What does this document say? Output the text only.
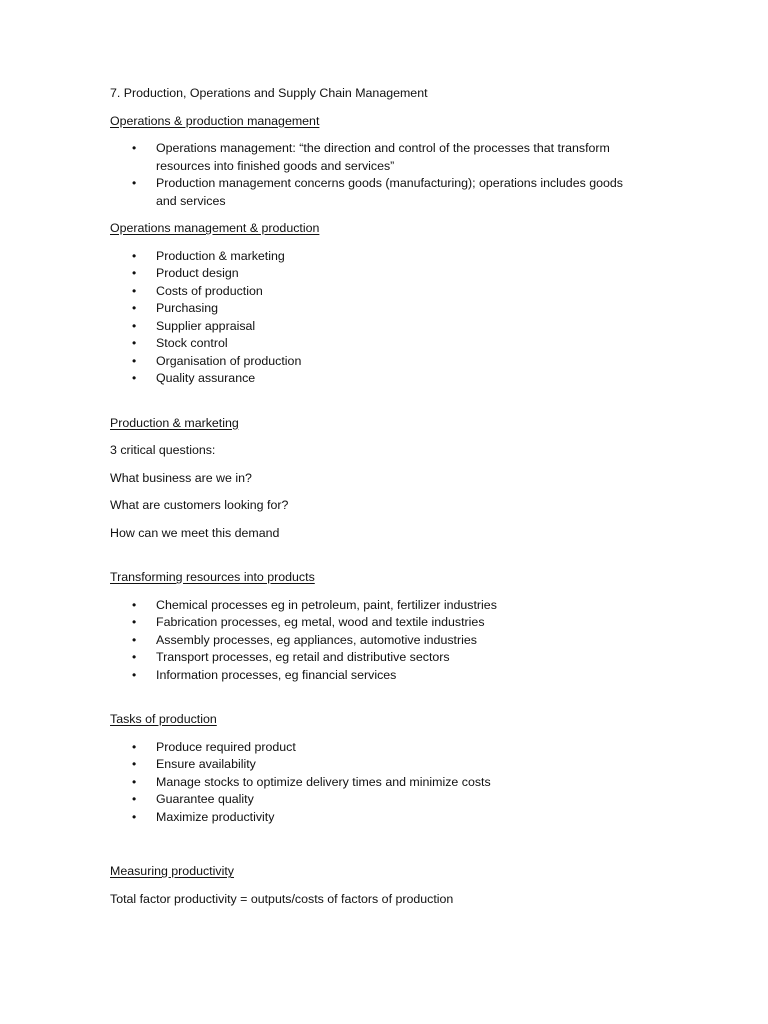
7. Production, Operations and Supply Chain Management
Operations & production management
• Operations management: “the direction and control of the processes that transform resources into finished goods and services”
• Production management concerns goods (manufacturing); operations includes goods and services
Operations management & production
• Production & marketing
• Product design
• Costs of production
• Purchasing
• Supplier appraisal
• Stock control
• Organisation of production
• Quality assurance
Production & marketing
3 critical questions:
What business are we in?
What are customers looking for?
How can we meet this demand
Transforming resources into products
• Chemical processes eg in petroleum, paint, fertilizer industries
• Fabrication processes, eg metal, wood and textile industries
• Assembly processes, eg appliances, automotive industries
• Transport processes, eg retail and distributive sectors
• Information processes, eg financial services
Tasks of production
• Produce required product
• Ensure availability
• Manage stocks to optimize delivery times and minimize costs
• Guarantee quality
• Maximize productivity
Measuring productivity
Total factor productivity = outputs/costs of factors of production
